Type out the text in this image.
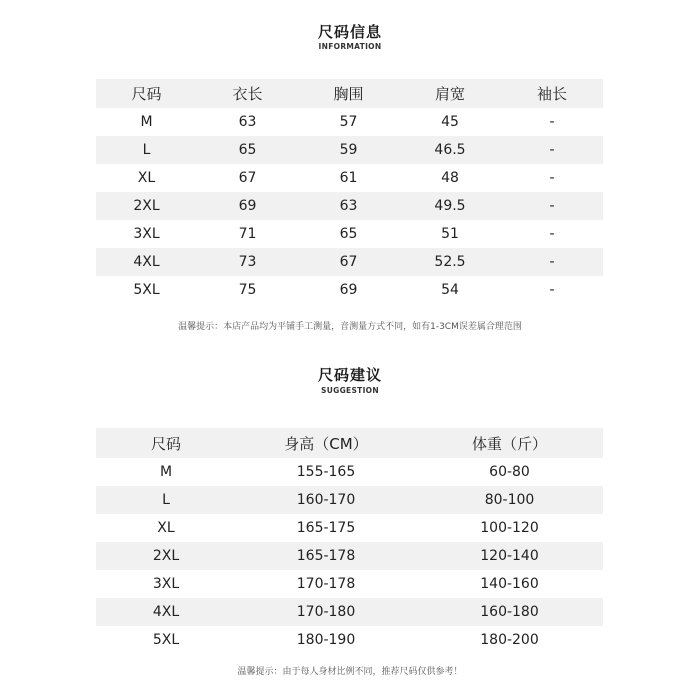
尺码信息
INFORMATION
尺码	衣长	胸围	肩宽	袖长
M	63	57	45	-
L	65	59	46.5	-
XL	67	61	48	-
2XL	69	63	49.5	-
3XL	71	65	51	-
4XL	73	67	52.5	-
5XL	75	69	54	-
温馨提示：本店产品均为平铺手工测量，音测量方式不同，如有1-3CM误差属合理范围
尺码建议
SUGGESTION
尺码	身高（CM）	体重（斤）
M	155-165	60-80
L	160-170	80-100
XL	165-175	100-120
2XL	165-178	120-140
3XL	170-178	140-160
4XL	170-180	160-180
5XL	180-190	180-200
温馨提示：由于每人身材比例不同，推荐尺码仅供参考！
